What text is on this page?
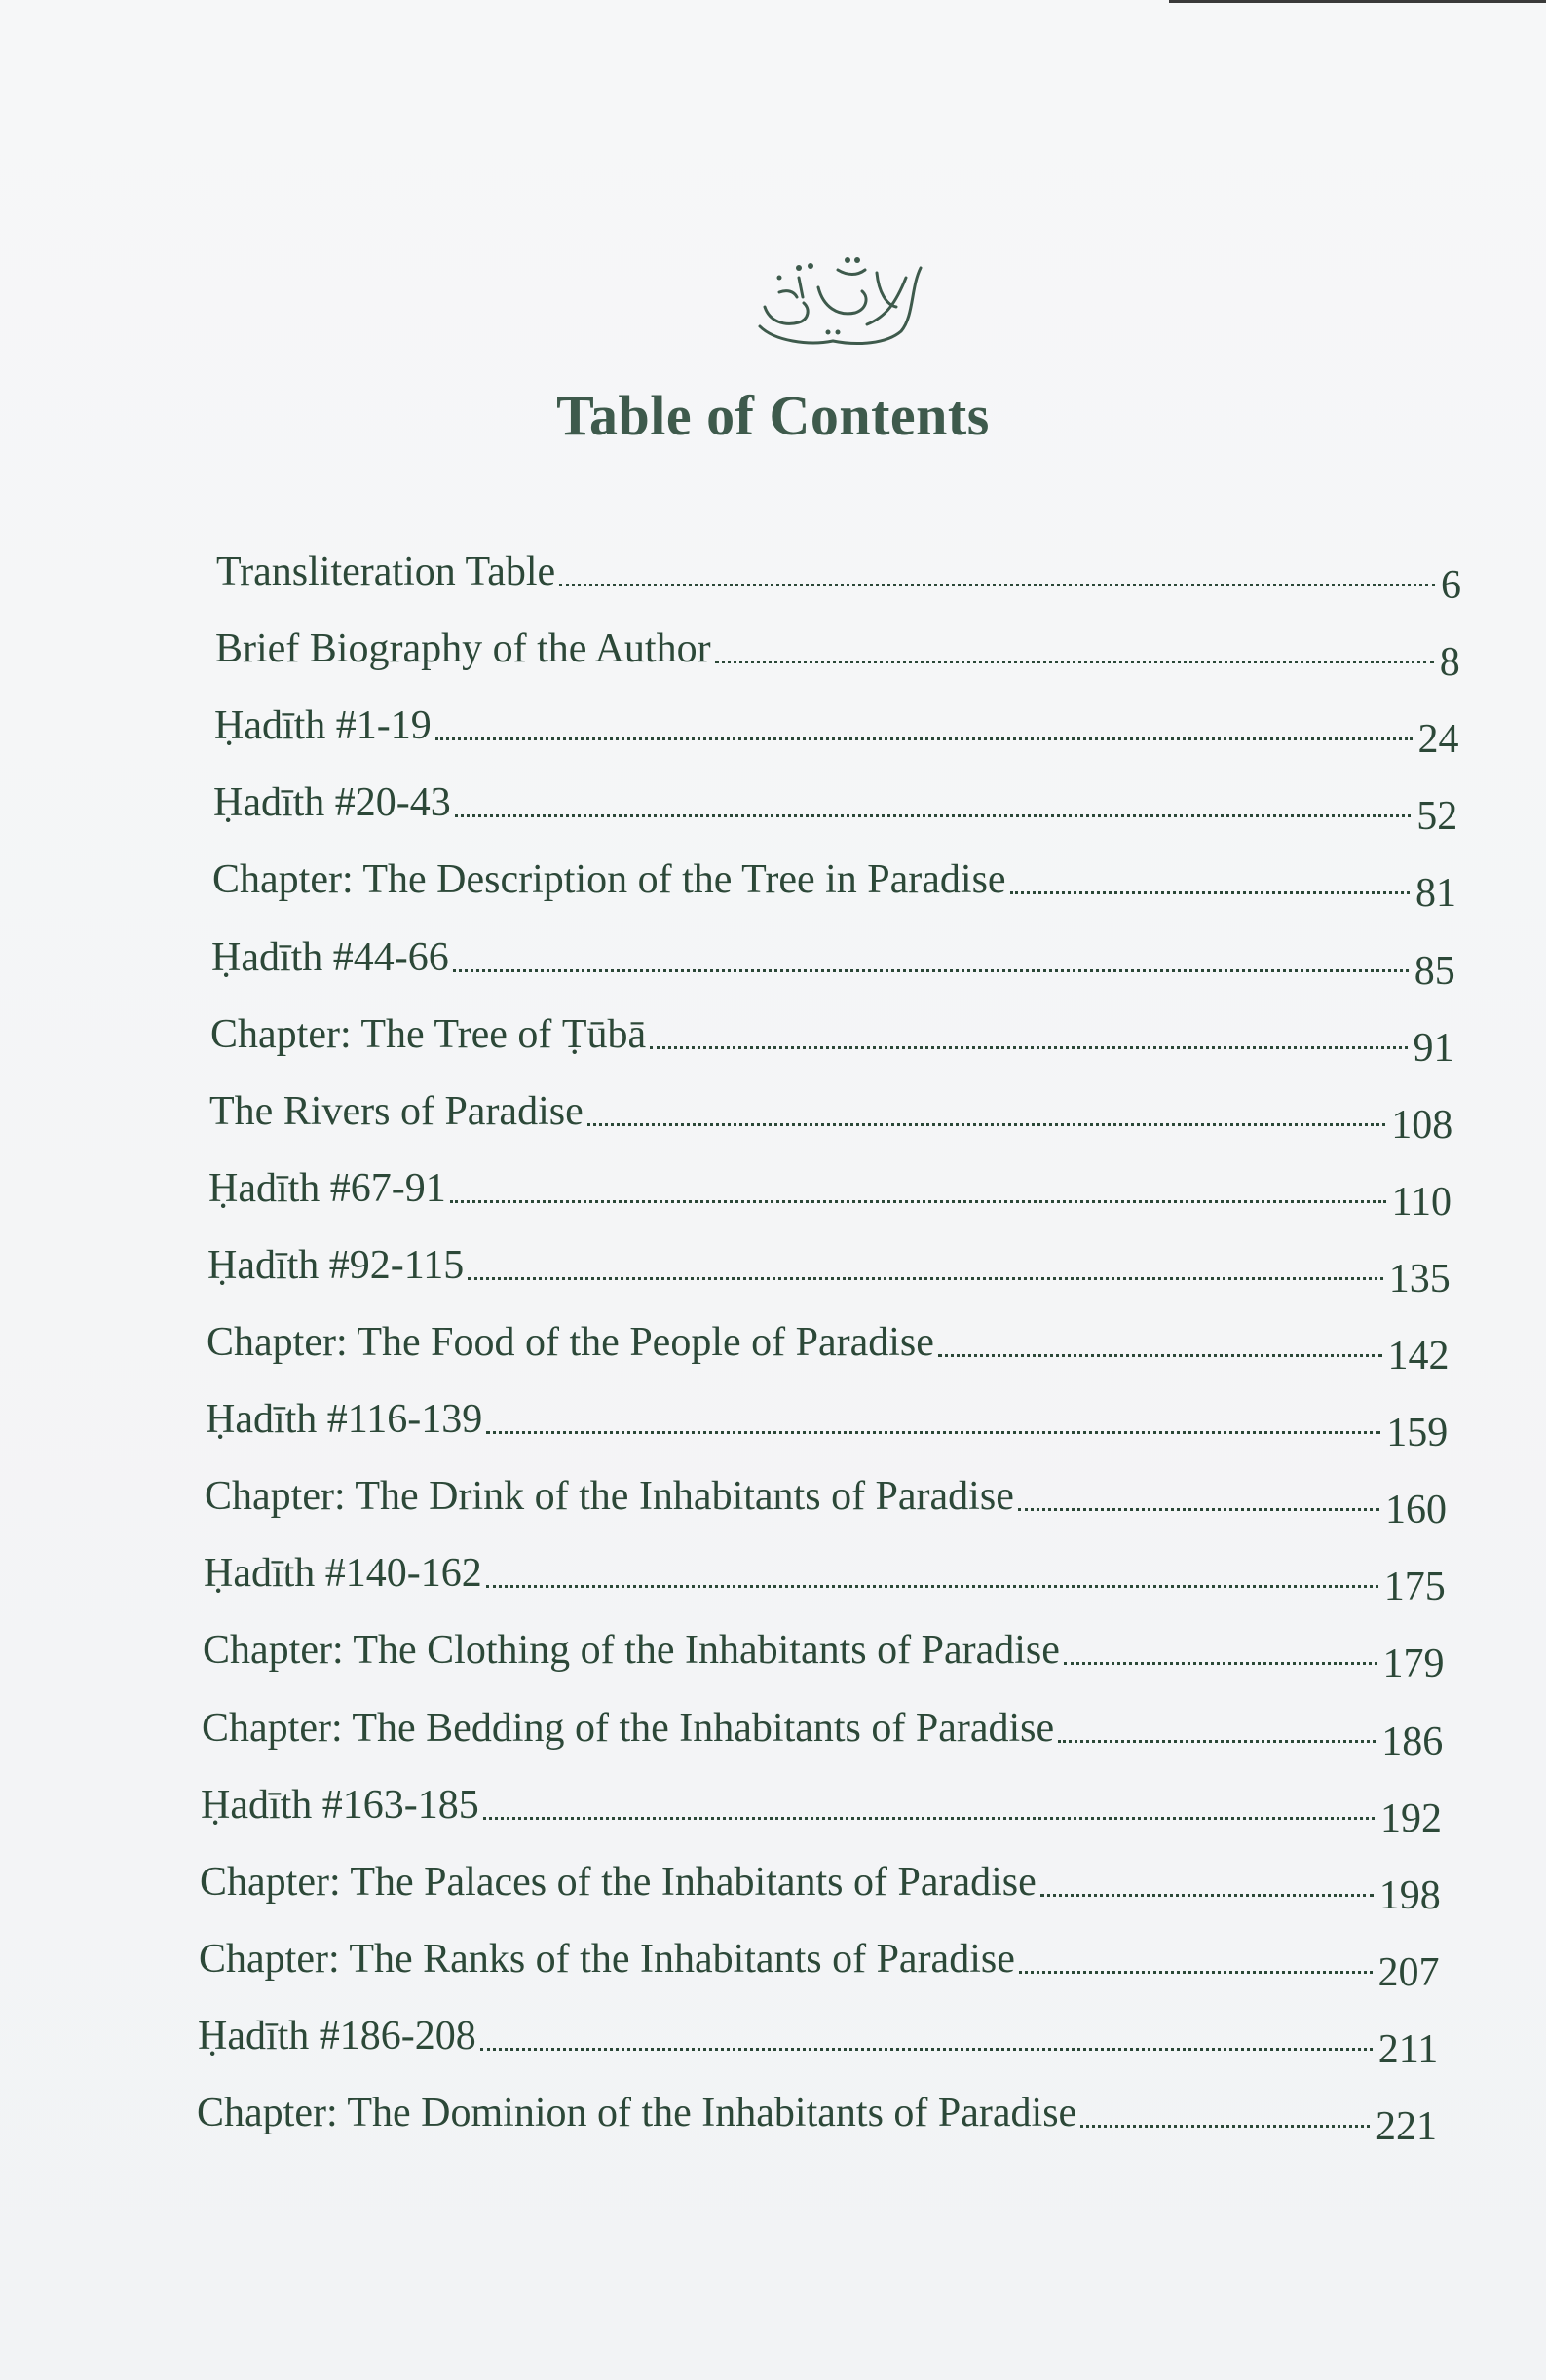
Table of Contents
Transliteration Table	6
Brief Biography of the Author	8
Ḥadīth #1-19	24
Ḥadīth #20-43	52
Chapter: The Description of the Tree in Paradise	81
Ḥadīth #44-66	85
Chapter: The Tree of Ṭūbā	91
The Rivers of Paradise	108
Ḥadīth #67-91	110
Ḥadīth #92-115	135
Chapter: The Food of the People of Paradise	142
Ḥadīth #116-139	159
Chapter: The Drink of the Inhabitants of Paradise	160
Ḥadīth #140-162	175
Chapter: The Clothing of the Inhabitants of Paradise	179
Chapter: The Bedding of the Inhabitants of Paradise	186
Ḥadīth #163-185	192
Chapter: The Palaces of the Inhabitants of Paradise	198
Chapter: The Ranks of the Inhabitants of Paradise	207
Ḥadīth #186-208	211
Chapter: The Dominion of the Inhabitants of Paradise	221
